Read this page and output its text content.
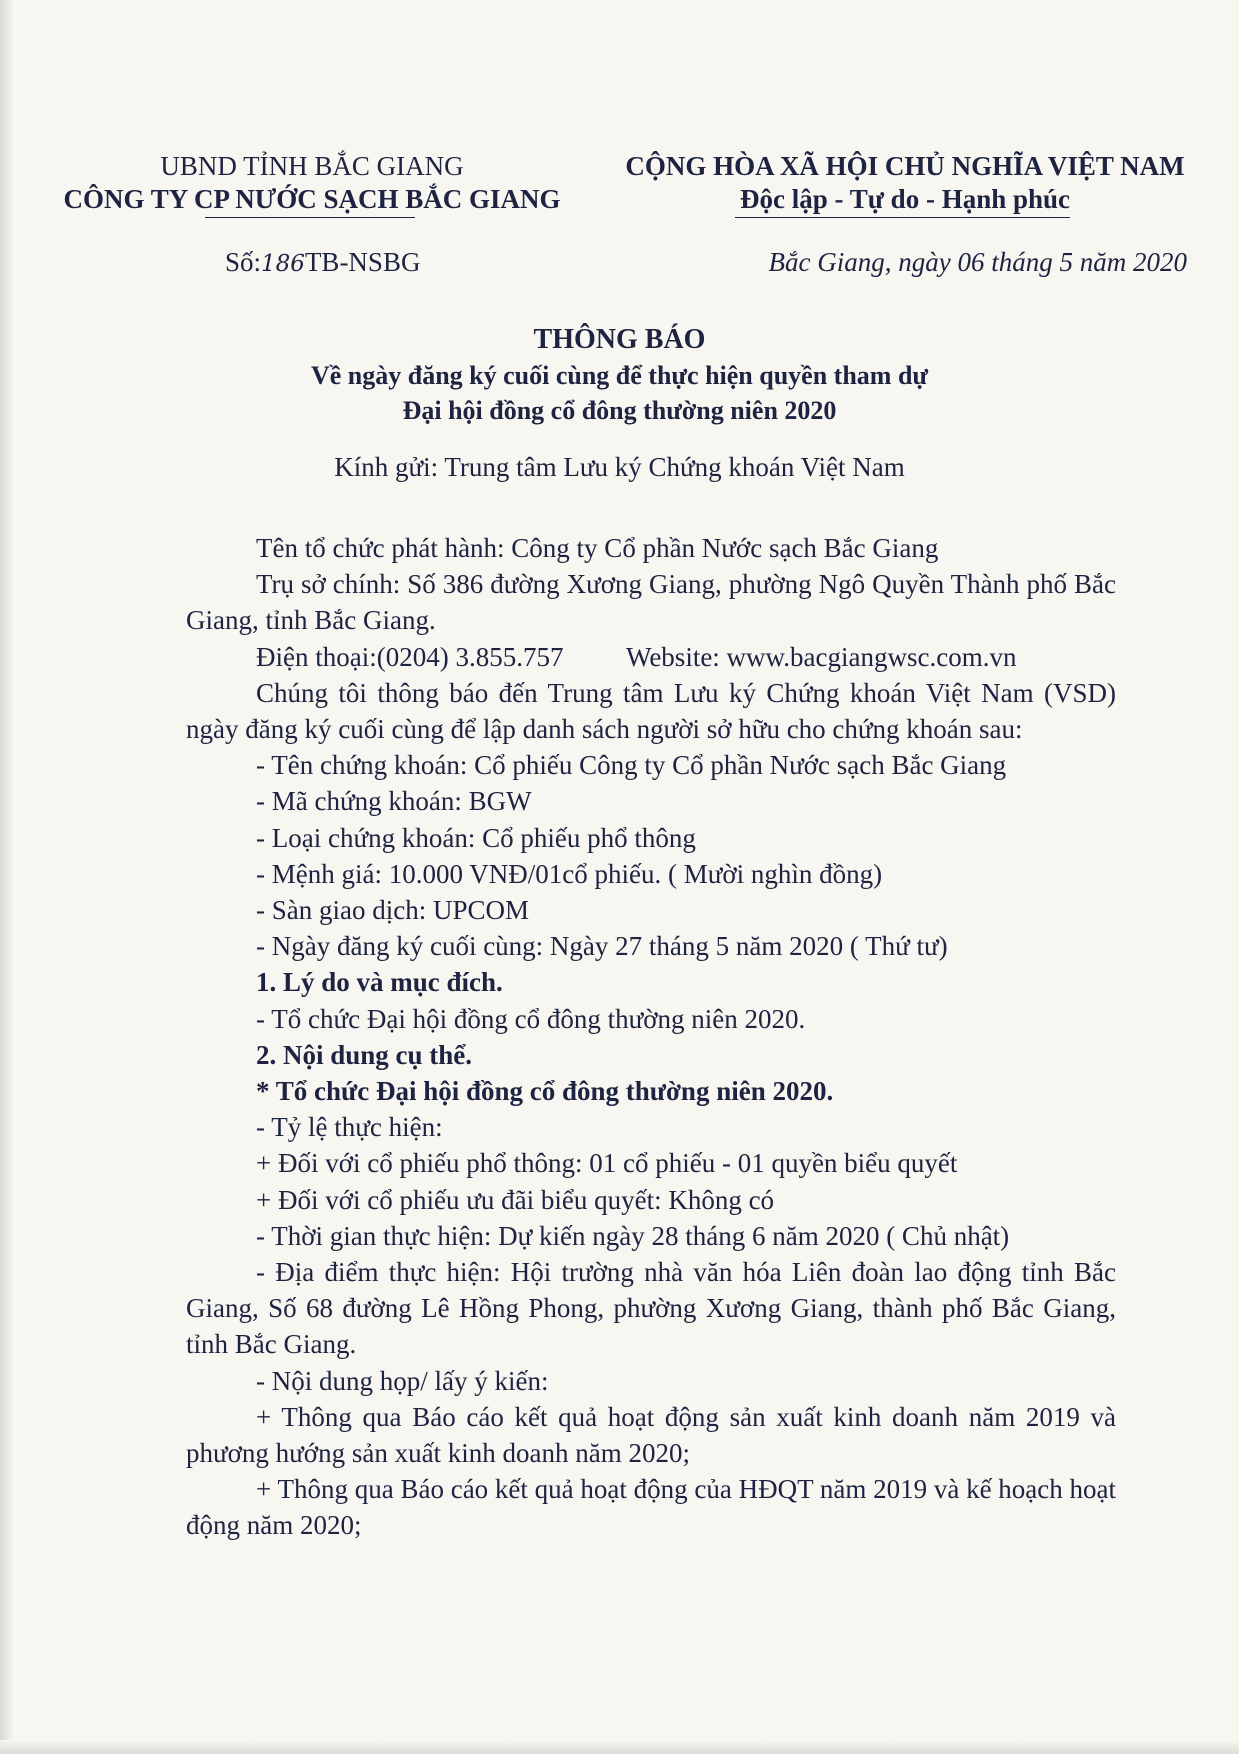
UBND TỈNH BẮC GIANG
CÔNG TY CP NƯỚC SẠCH BẮC GIANG
CỘNG HÒA XÃ HỘI CHỦ NGHĨA VIỆT NAM
Độc lập - Tự do - Hạnh phúc
Số:186TB-NSBG	Bắc Giang, ngày 06 tháng 5 năm 2020
THÔNG BÁO
Về ngày đăng ký cuối cùng để thực hiện quyền tham dự
Đại hội đồng cổ đông thường niên 2020
Kính gửi: Trung tâm Lưu ký Chứng khoán Việt Nam

Tên tổ chức phát hành: Công ty Cổ phần Nước sạch Bắc Giang

Trụ sở chính: Số 386 đường Xương Giang, phường Ngô Quyền Thành phố Bắc Giang, tỉnh Bắc Giang.

Điện thoại:(0204) 3.855.757	Website: www.bacgiangwsc.com.vn

Chúng tôi thông báo đến Trung tâm Lưu ký Chứng khoán Việt Nam (VSD) ngày đăng ký cuối cùng để lập danh sách người sở hữu cho chứng khoán sau:

- Tên chứng khoán: Cổ phiếu Công ty Cổ phần Nước sạch Bắc Giang

- Mã chứng khoán: BGW

- Loại chứng khoán: Cổ phiếu phổ thông

- Mệnh giá: 10.000 VNĐ/01cổ phiếu. ( Mười nghìn đồng)

- Sàn giao dịch: UPCOM

- Ngày đăng ký cuối cùng: Ngày 27 tháng 5 năm 2020 ( Thứ tư)

1. Lý do và mục đích.

- Tổ chức Đại hội đồng cổ đông thường niên 2020.

2. Nội dung cụ thể.

* Tổ chức Đại hội đồng cổ đông thường niên 2020.

- Tỷ lệ thực hiện:

+ Đối với cổ phiếu phổ thông: 01 cổ phiếu - 01 quyền biểu quyết

+ Đối với cổ phiếu ưu đãi biểu quyết: Không có

- Thời gian thực hiện: Dự kiến ngày 28 tháng 6 năm 2020 ( Chủ nhật)

- Địa điểm thực hiện: Hội trường nhà văn hóa Liên đoàn lao động tỉnh Bắc Giang, Số 68 đường Lê Hồng Phong, phường Xương Giang, thành phố Bắc Giang, tỉnh Bắc Giang.

- Nội dung họp/ lấy ý kiến:

+ Thông qua Báo cáo kết quả hoạt động sản xuất kinh doanh năm 2019 và phương hướng sản xuất kinh doanh năm 2020;

+ Thông qua Báo cáo kết quả hoạt động của HĐQT năm 2019 và kế hoạch hoạt động năm 2020;
